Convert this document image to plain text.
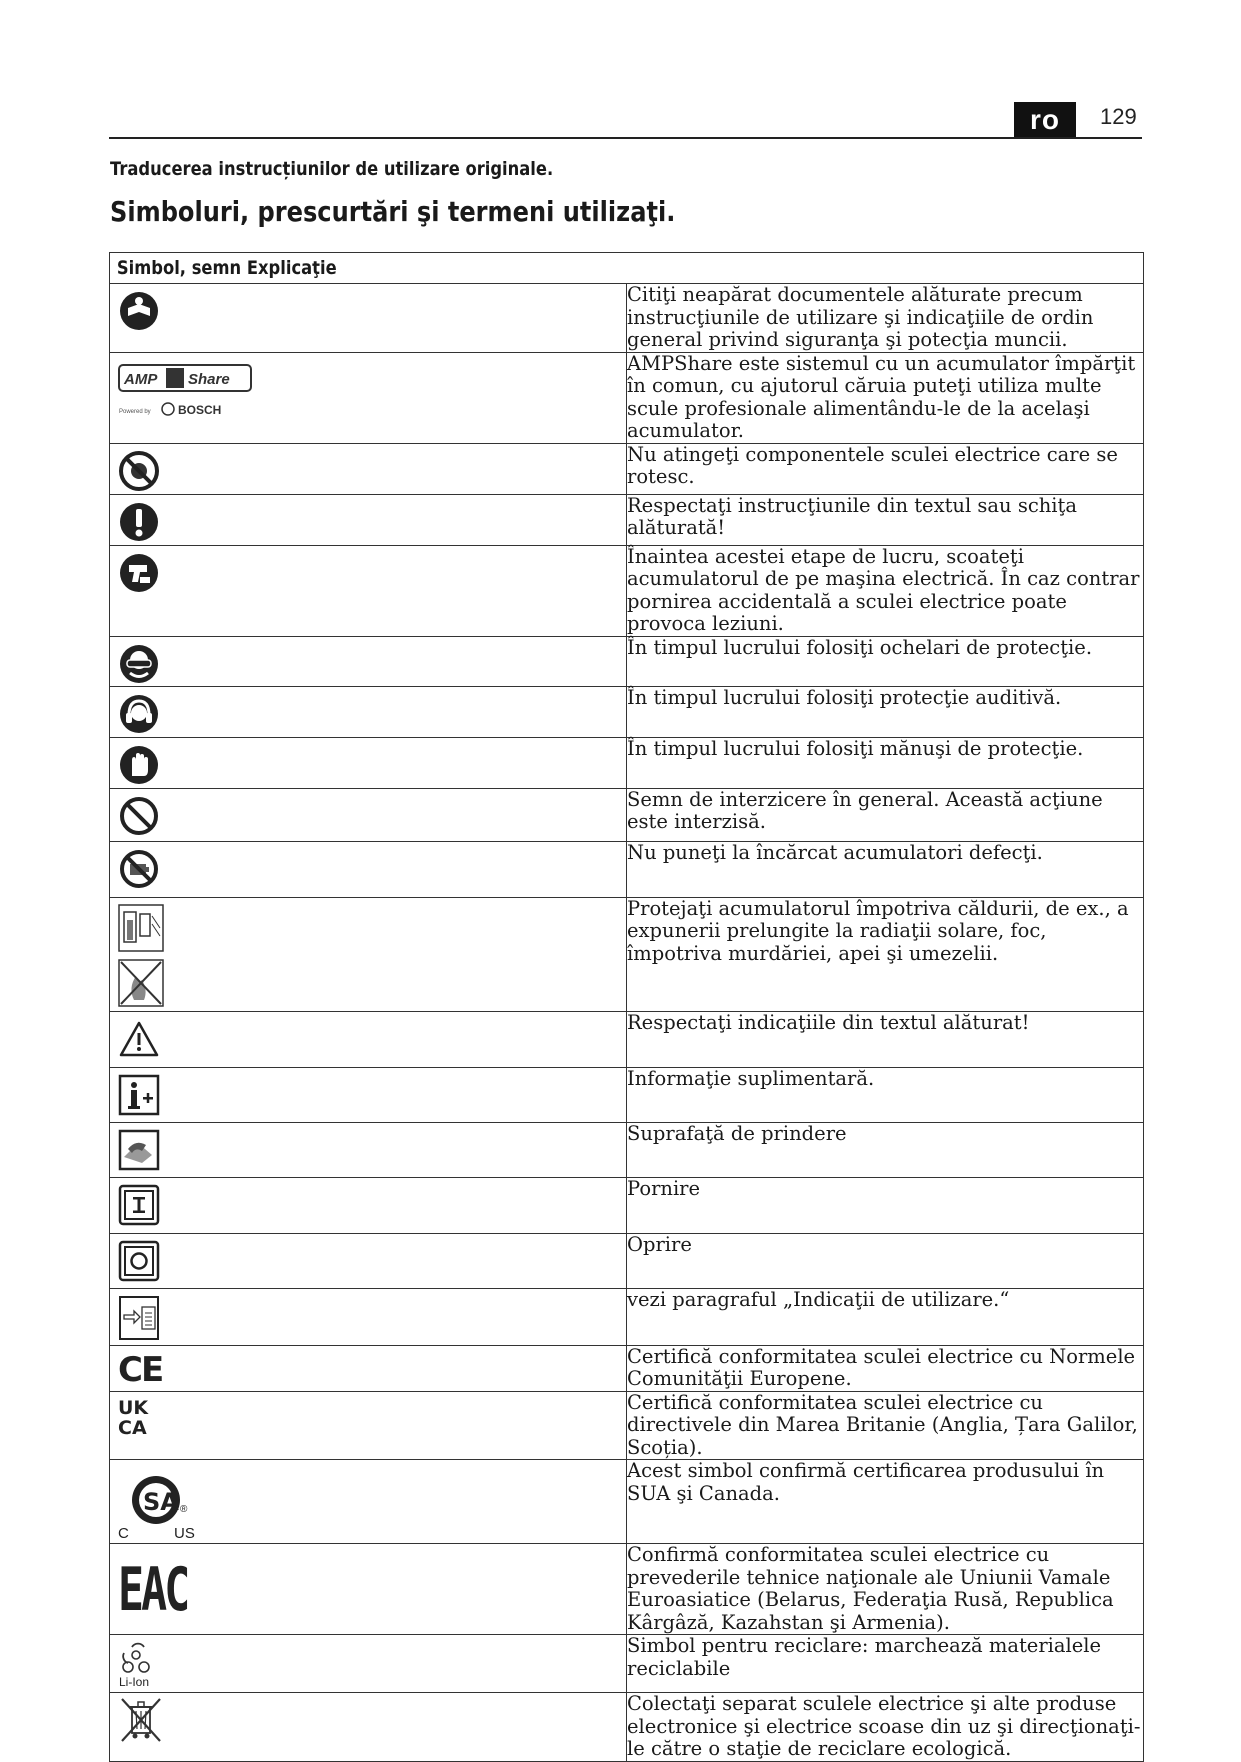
ro	129
Traducerea instrucțiunilor de utilizare originale.
Simboluri, prescurtări şi termeni utilizaţi.
Simbol, semn Explicaţie	

	Citiţi neapărat documentele alăturate precum instrucţiunile de utilizare şi indicaţiile de ordin general privind siguranţa şi potecţia muncii.

AMP Share
Powered by BOSCH	AMPShare este sistemul cu un acumulator împărţit în comun, cu ajutorul căruia puteţi utiliza multe scule profesionale alimentându-le de la acelaşi acumulator.

	Nu atingeţi componentele sculei electrice care se rotesc.

	Respectaţi instrucţiunile din textul sau schiţa alăturată!

	Înaintea acestei etape de lucru, scoateţi acumulatorul de pe maşina electrică. În caz contrar pornirea accidentală a sculei electrice poate provoca leziuni.

	În timpul lucrului folosiţi ochelari de protecţie.

	În timpul lucrului folosiţi protecţie auditivă.

	În timpul lucrului folosiţi mănuşi de protecţie.

	Semn de interzicere în general. Această acţiune este interzisă.

	Nu puneţi la încărcat acumulatori defecţi.

	Protejaţi acumulatorul împotriva căldurii, de ex., a expunerii prelungite la radiaţii solare, foc, împotriva murdăriei, apei şi umezelii.

	Respectaţi indicaţiile din textul alăturat!

	Informaţie suplimentară.

	Suprafaţă de prindere

	Pornire

	Oprire

	vezi paragraful „Indicaţii de utilizare.“

CE	Certifică conformitatea sculei electrice cu Normele Comunităţii Europene.

UK
CA	Certifică conformitatea sculei electrice cu directivele din Marea Britanie (Anglia, Țara Galilor, Scoția).

SA ®
C US	Acest simbol confirmă certificarea produsului în SUA şi Canada.

EAC	Confirmă conformitatea sculei electrice cu prevederile tehnice naţionale ale Uniunii Vamale Euroasiatice (Belarus, Federaţia Rusă, Republica Kârgâză, Kazahstan şi Armenia).

Li-Ion	Simbol pentru reciclare: marchează materialele reciclabile

	Colectaţi separat sculele electrice şi alte produse electronice şi electrice scoase din uz şi direcţionaţi-le către o staţie de reciclare ecologică.
